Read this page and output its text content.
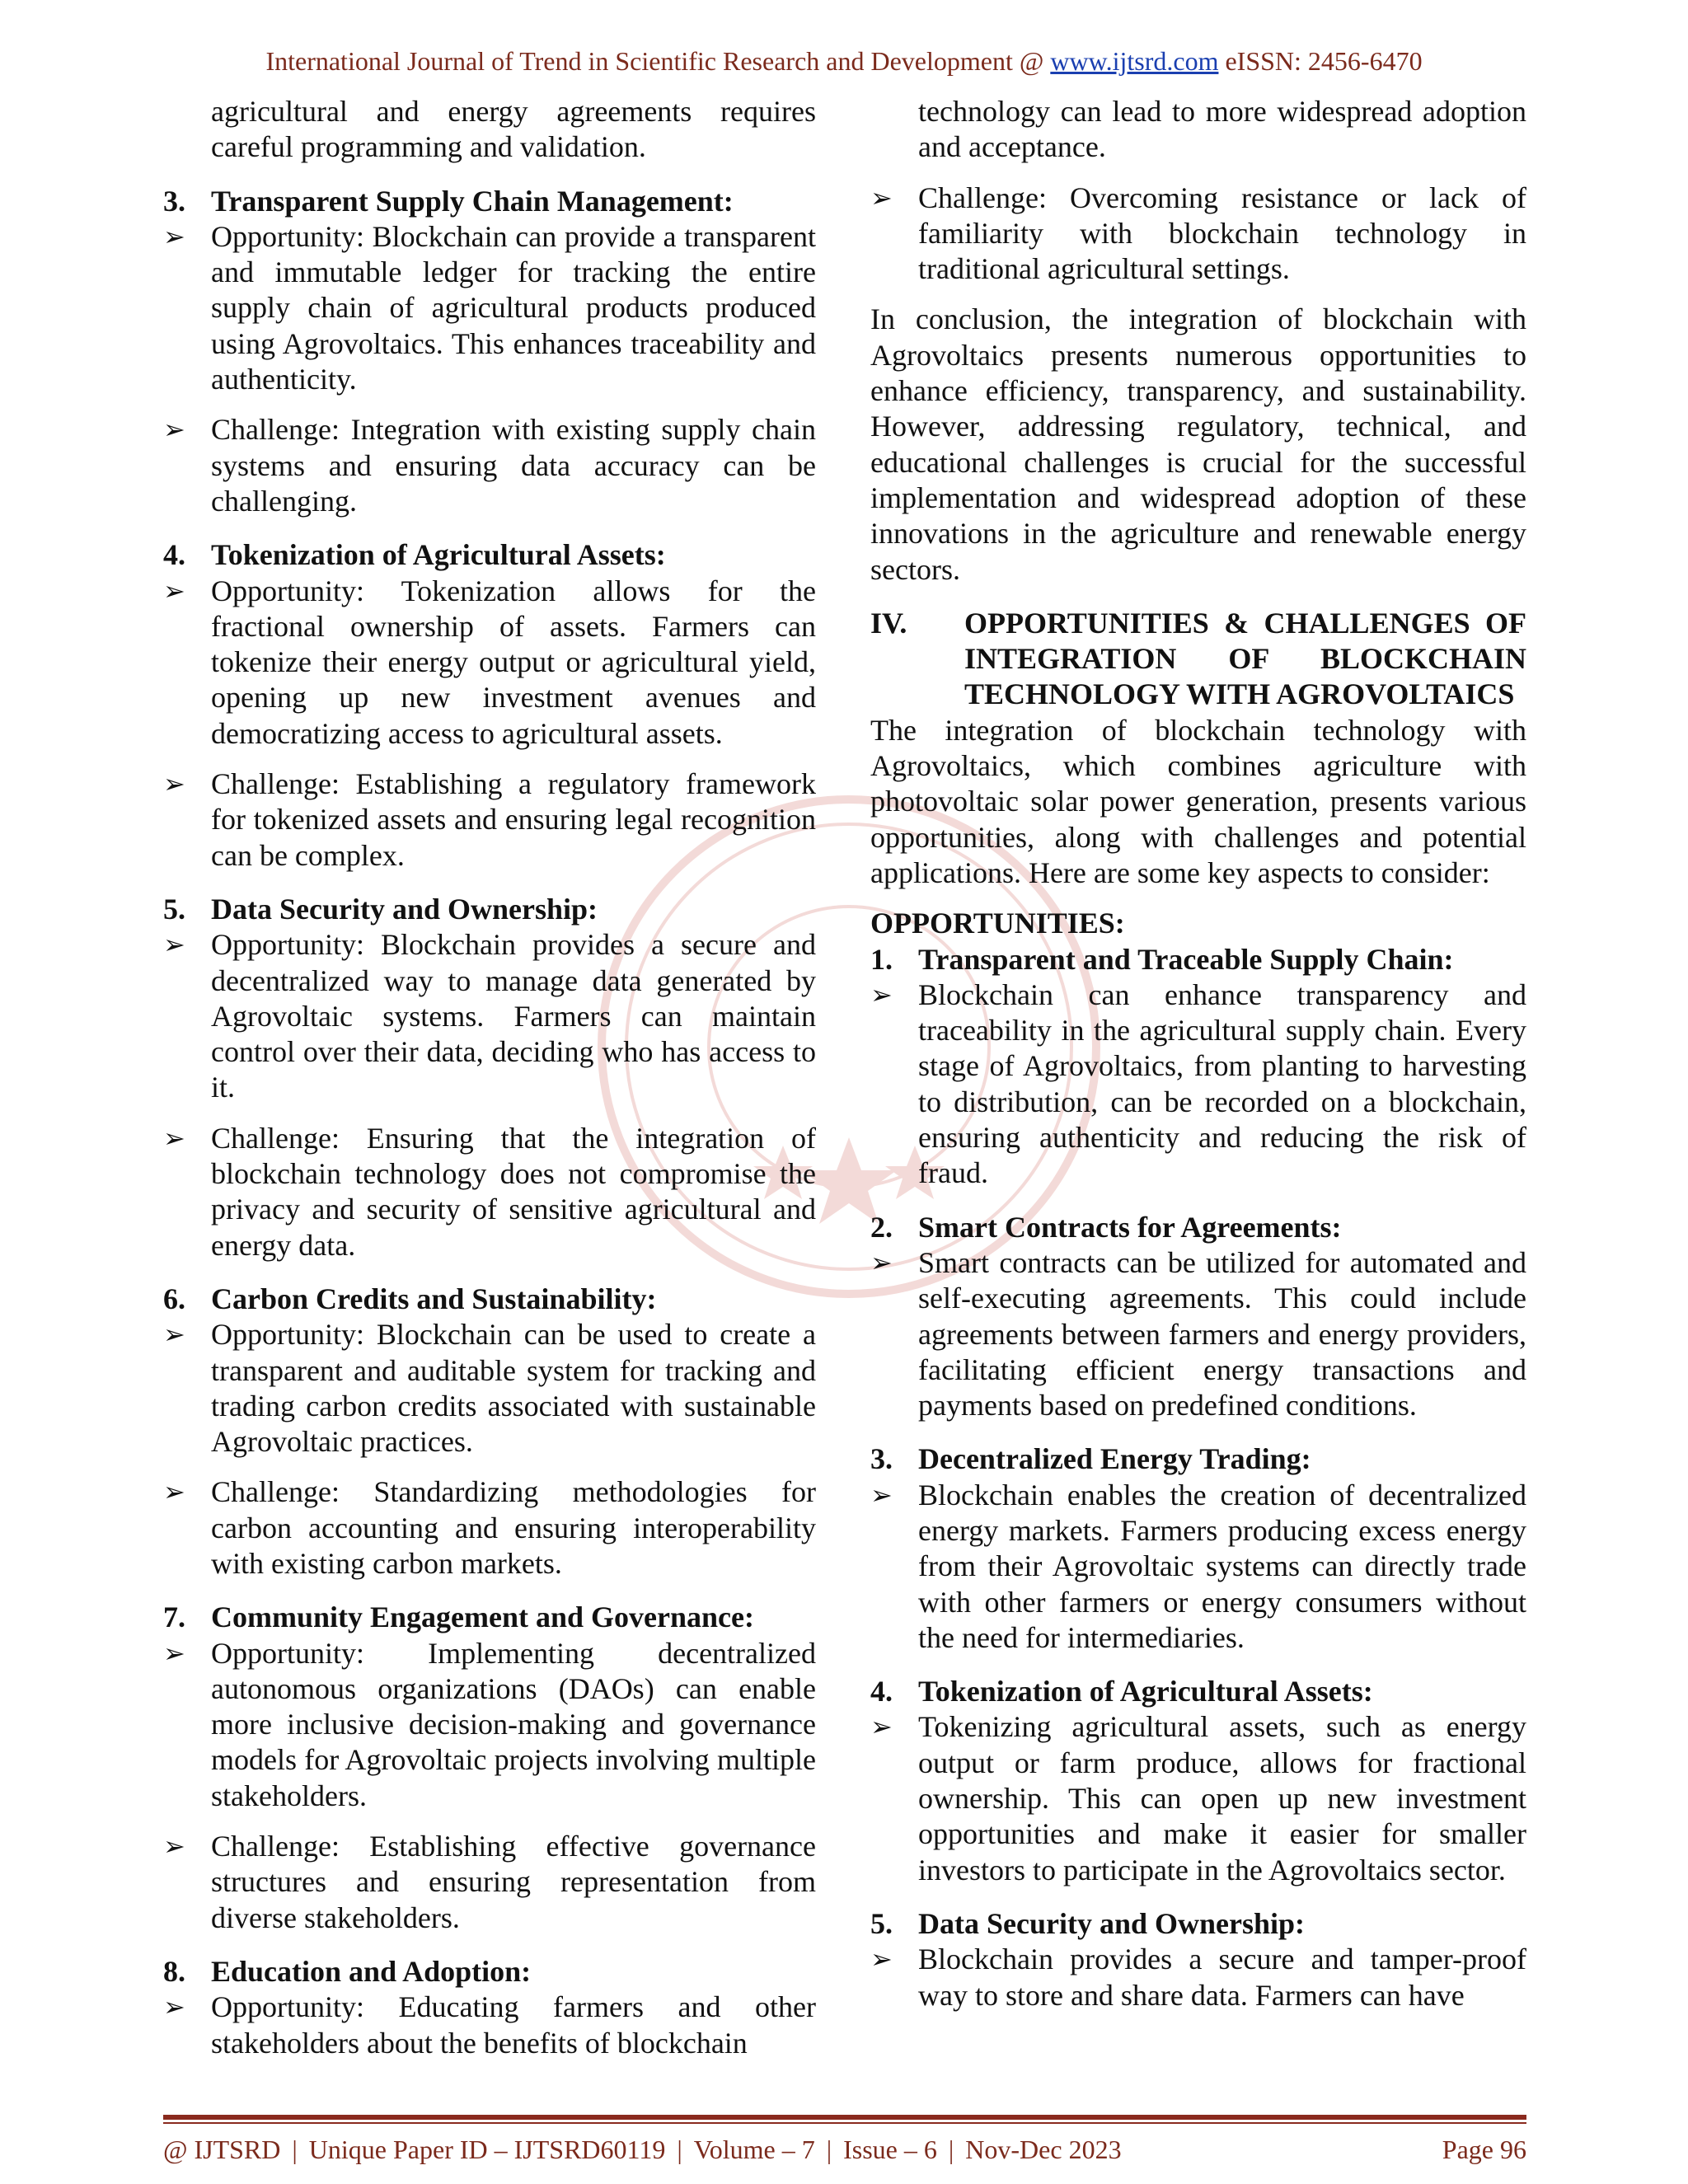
International Journal of Trend in Scientific Research and Development @ www.ijtsrd.com eISSN: 2456-6470
agricultural and energy agreements requires careful programming and validation.
3. Transparent Supply Chain Management:
➢ Opportunity: Blockchain can provide a transparent and immutable ledger for tracking the entire supply chain of agricultural products produced using Agrovoltaics. This enhances traceability and authenticity.
➢ Challenge: Integration with existing supply chain systems and ensuring data accuracy can be challenging.
4. Tokenization of Agricultural Assets:
➢ Opportunity: Tokenization allows for the fractional ownership of assets. Farmers can tokenize their energy output or agricultural yield, opening up new investment avenues and democratizing access to agricultural assets.
➢ Challenge: Establishing a regulatory framework for tokenized assets and ensuring legal recognition can be complex.
5. Data Security and Ownership:
➢ Opportunity: Blockchain provides a secure and decentralized way to manage data generated by Agrovoltaic systems. Farmers can maintain control over their data, deciding who has access to it.
➢ Challenge: Ensuring that the integration of blockchain technology does not compromise the privacy and security of sensitive agricultural and energy data.
6. Carbon Credits and Sustainability:
➢ Opportunity: Blockchain can be used to create a transparent and auditable system for tracking and trading carbon credits associated with sustainable Agrovoltaic practices.
➢ Challenge: Standardizing methodologies for carbon accounting and ensuring interoperability with existing carbon markets.
7. Community Engagement and Governance:
➢ Opportunity: Implementing decentralized autonomous organizations (DAOs) can enable more inclusive decision-making and governance models for Agrovoltaic projects involving multiple stakeholders.
➢ Challenge: Establishing effective governance structures and ensuring representation from diverse stakeholders.
8. Education and Adoption:
➢ Opportunity: Educating farmers and other stakeholders about the benefits of blockchain
technology can lead to more widespread adoption and acceptance.
➢ Challenge: Overcoming resistance or lack of familiarity with blockchain technology in traditional agricultural settings.
In conclusion, the integration of blockchain with Agrovoltaics presents numerous opportunities to enhance efficiency, transparency, and sustainability. However, addressing regulatory, technical, and educational challenges is crucial for the successful implementation and widespread adoption of these innovations in the agriculture and renewable energy sectors.
IV.	OPPORTUNITIES & CHALLENGES OF INTEGRATION OF BLOCKCHAIN TECHNOLOGY WITH AGROVOLTAICS
The integration of blockchain technology with Agrovoltaics, which combines agriculture with photovoltaic solar power generation, presents various opportunities, along with challenges and potential applications. Here are some key aspects to consider:
OPPORTUNITIES:
1. Transparent and Traceable Supply Chain:
➢ Blockchain can enhance transparency and traceability in the agricultural supply chain. Every stage of Agrovoltaics, from planting to harvesting to distribution, can be recorded on a blockchain, ensuring authenticity and reducing the risk of fraud.
2. Smart Contracts for Agreements:
➢ Smart contracts can be utilized for automated and self-executing agreements. This could include agreements between farmers and energy providers, facilitating efficient energy transactions and payments based on predefined conditions.
3. Decentralized Energy Trading:
➢ Blockchain enables the creation of decentralized energy markets. Farmers producing excess energy from their Agrovoltaic systems can directly trade with other farmers or energy consumers without the need for intermediaries.
4. Tokenization of Agricultural Assets:
➢ Tokenizing agricultural assets, such as energy output or farm produce, allows for fractional ownership. This can open up new investment opportunities and make it easier for smaller investors to participate in the Agrovoltaics sector.
5. Data Security and Ownership:
➢ Blockchain provides a secure and tamper-proof way to store and share data. Farmers can have
@ IJTSRD | Unique Paper ID – IJTSRD60119 | Volume – 7 | Issue – 6 | Nov-Dec 2023	Page 96
